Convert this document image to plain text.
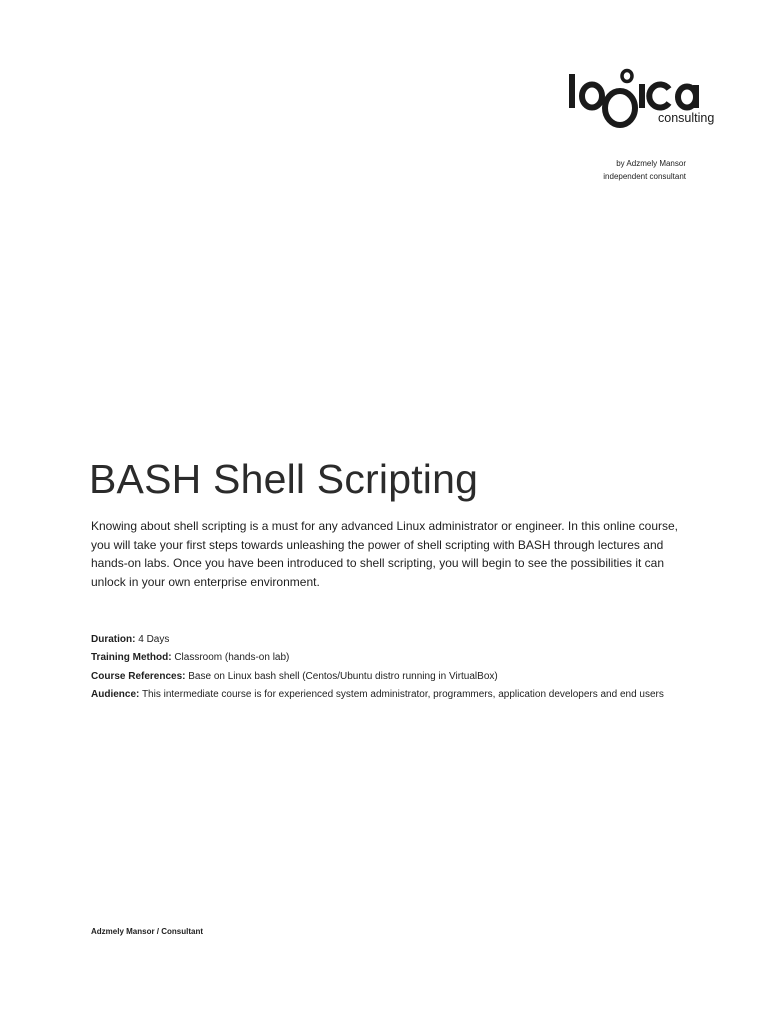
consulting
by Adzmely Mansor
independent consultant
BASH Shell Scripting

Knowing about shell scripting is a must for any advanced Linux administrator or engineer. In this online course, you will take your first steps towards unleashing the power of shell scripting with BASH through lectures and hands-on labs. Once you have been introduced to shell scripting, you will begin to see the possibilities it can unlock in your own enterprise environment.

Duration: 4 Days

Training Method: Classroom (hands-on lab)

Course References: Base on Linux bash shell (Centos/Ubuntu distro running in VirtualBox)

Audience: This intermediate course is for experienced system administrator, programmers, application developers and end users

Adzmely Mansor / Consultant
